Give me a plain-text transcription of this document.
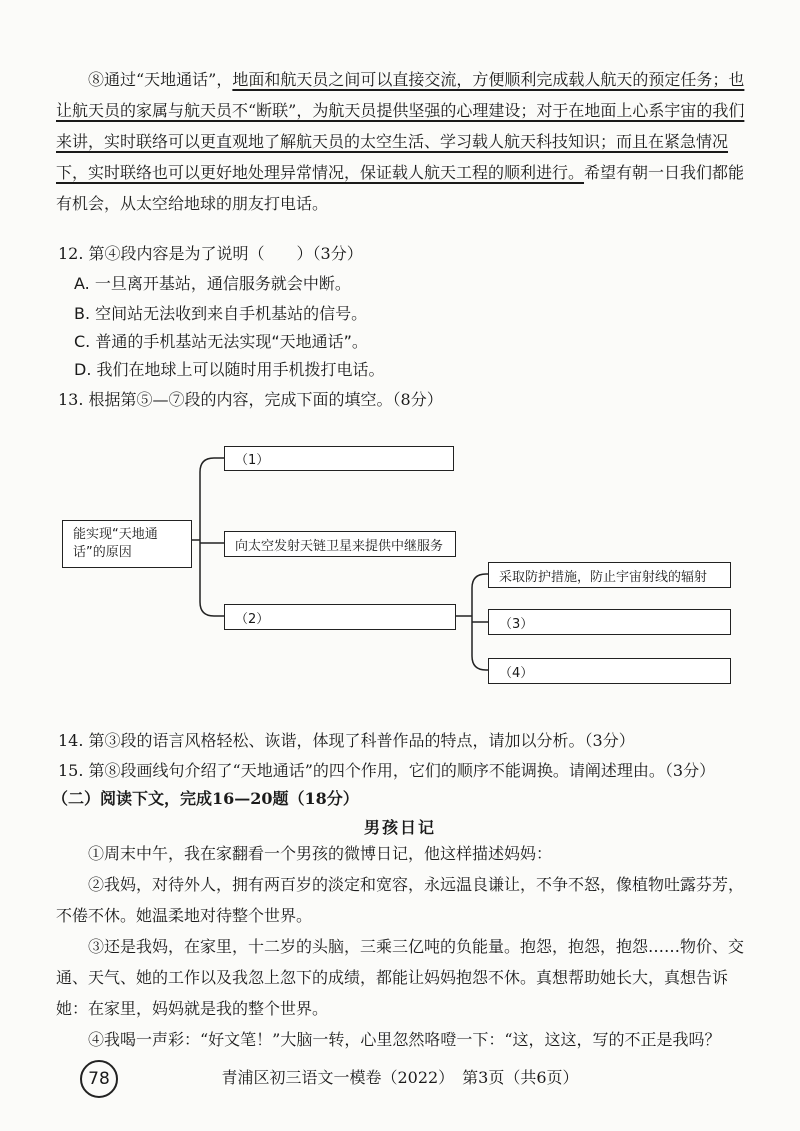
⑧通过“天地通话”，地面和航天员之间可以直接交流，方便顺利完成载人航天的预定任务；也让航天员的家属与航天员不“断联”，为航天员提供坚强的心理建设；对于在地面上心系宇宙的我们来讲，实时联络可以更直观地了解航天员的太空生活、学习载人航天科技知识；而且在紧急情况下，实时联络也可以更好地处理异常情况，保证载人航天工程的顺利进行。希望有朝一日我们都能有机会，从太空给地球的朋友打电话。

12. 第④段内容是为了说明（　　）（3分）

A. 一旦离开基站，通信服务就会中断。

B. 空间站无法收到来自手机基站的信号。

C. 普通的手机基站无法实现“天地通话”。

D. 我们在地球上可以随时用手机拨打电话。

13. 根据第⑤—⑦段的内容，完成下面的填空。（8分）

能实现“天地通话”的原因
（1）
向太空发射天链卫星来提供中继服务
（2）
采取防护措施，防止宇宙射线的辐射
（3）
（4）

14. 第③段的语言风格轻松、诙谐，体现了科普作品的特点，请加以分析。（3分）

15. 第⑧段画线句介绍了“天地通话”的四个作用，它们的顺序不能调换。请阐述理由。（3分）

（二）阅读下文，完成16—20题（18分）

男孩日记

①周末中午，我在家翻看一个男孩的微博日记，他这样描述妈妈：

②我妈，对待外人，拥有两百岁的淡定和宽容，永远温良谦让，不争不怒，像植物吐露芬芳，不倦不休。她温柔地对待整个世界。

③还是我妈，在家里，十二岁的头脑，三乘三亿吨的负能量。抱怨，抱怨，抱怨……物价、交通、天气、她的工作以及我忽上忽下的成绩，都能让妈妈抱怨不休。真想帮助她长大，真想告诉她：在家里，妈妈就是我的整个世界。

④我喝一声彩：“好文笔！”大脑一转，心里忽然咯噔一下：“这，这这，写的不正是我吗？

78	青浦区初三语文一模卷（2022）　第3页（共6页）
